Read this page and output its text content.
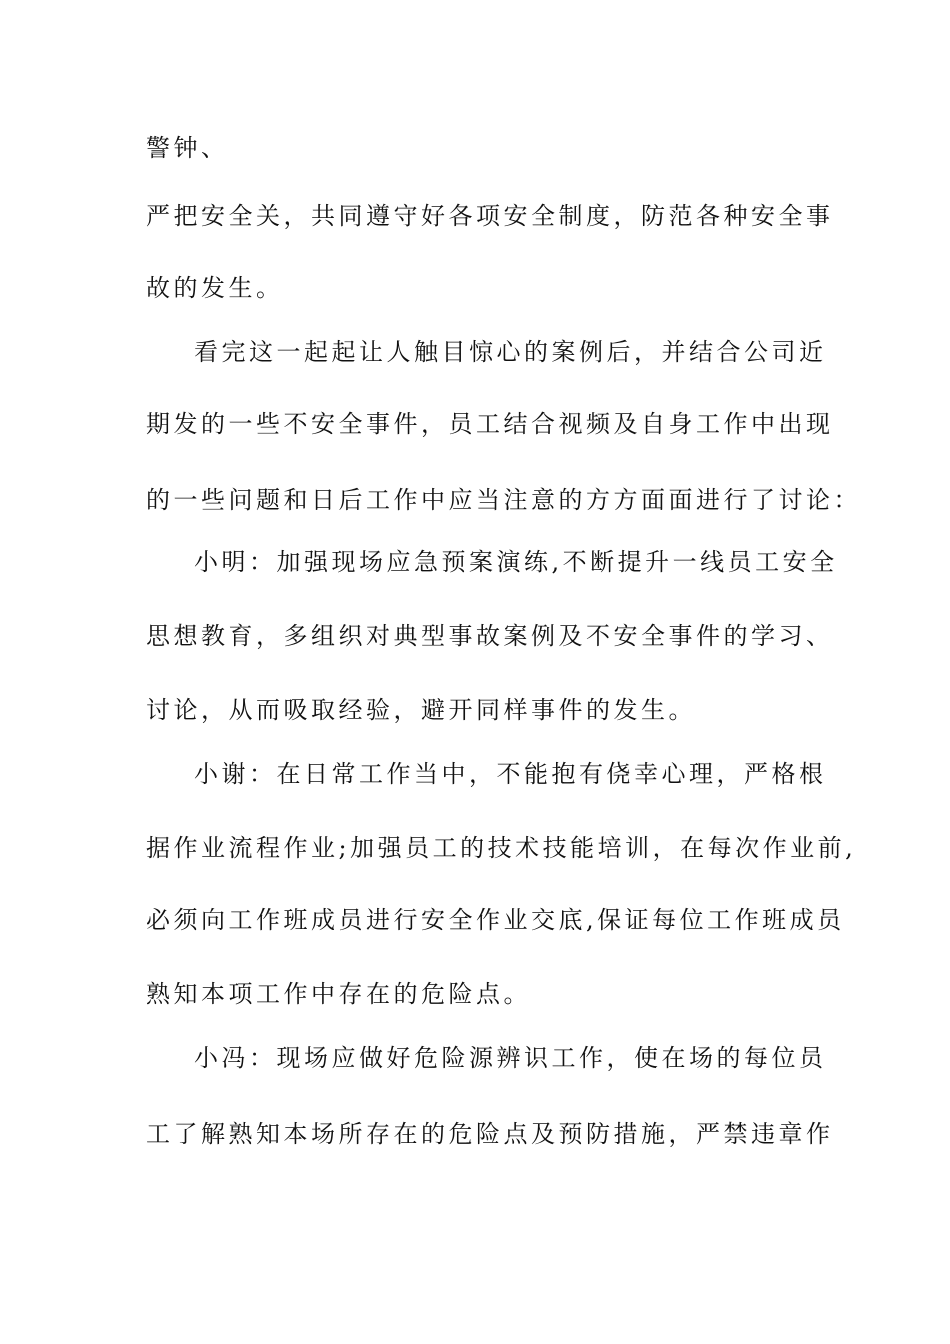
警钟、
严把安全关，共同遵守好各项安全制度，防范各种安全事
故的发生。
看完这一起起让人触目惊心的案例后，并结合公司近
期发的一些不安全事件，员工结合视频及自身工作中出现
的一些问题和日后工作中应当注意的方方面面进行了讨论：
小明：加强现场应急预案演练,不断提升一线员工安全
思想教育，多组织对典型事故案例及不安全事件的学习、
讨论，从而吸取经验，避开同样事件的发生。
小谢：在日常工作当中，不能抱有侥幸心理，严格根
据作业流程作业;加强员工的技术技能培训，在每次作业前,
必须向工作班成员进行安全作业交底,保证每位工作班成员
熟知本项工作中存在的危险点。
小冯：现场应做好危险源辨识工作，使在场的每位员
工了解熟知本场所存在的危险点及预防措施，严禁违章作
